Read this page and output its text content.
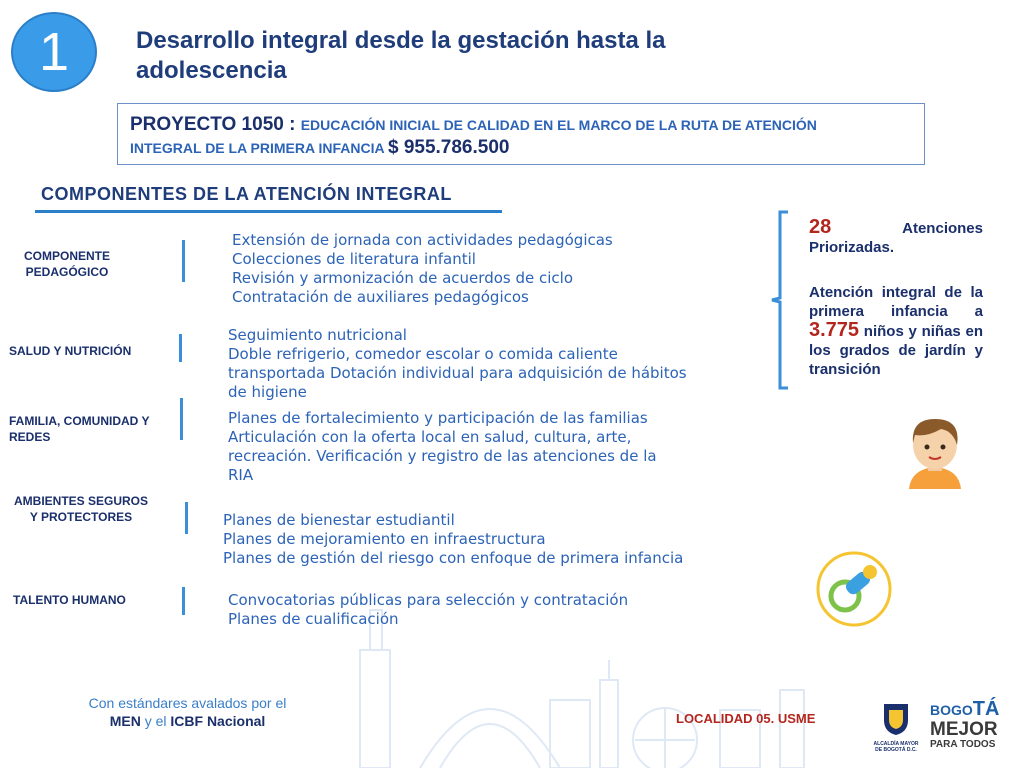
1	Desarrollo integral desde la gestación hasta la adolescencia
PROYECTO 1050 : EDUCACIÓN INICIAL DE CALIDAD EN EL MARCO DE LA RUTA DE ATENCIÓN
INTEGRAL DE LA PRIMERA INFANCIA $ 955.786.500
COMPONENTES DE LA ATENCIÓN INTEGRAL
COMPONENTE
PEDAGÓGICO
Extensión de jornada con actividades pedagógicas
Colecciones de literatura infantil
Revisión y armonización de acuerdos de ciclo
Contratación de auxiliares pedagógicos
SALUD Y NUTRICIÓN
Seguimiento nutricional
Doble refrigerio, comedor escolar o comida caliente
transportada Dotación individual para adquisición de hábitos
de higiene
FAMILIA, COMUNIDAD Y
REDES
Planes de fortalecimiento y participación de las familias
Articulación con la oferta local en salud, cultura, arte,
recreación. Verificación y registro de las atenciones de la
RIA
AMBIENTES SEGUROS
Y PROTECTORES	Planes de bienestar estudiantil
Planes de mejoramiento en infraestructura
Planes de gestión del riesgo con enfoque de primera infancia
TALENTO HUMANO	Convocatorias públicas para selección y contratación
Planes de cualificación
28	Atenciones Priorizadas.
Atención integral de la primera infancia a 3.775 niños y niñas en los grados de jardín y transición
Con estándares avalados por el
MEN y el ICBF Nacional	LOCALIDAD 05. USME
ALCALDÍA MAYOR
DE BOGOTÁ D.C.
BOGOTÁ
MEJOR
PARA TODOS
